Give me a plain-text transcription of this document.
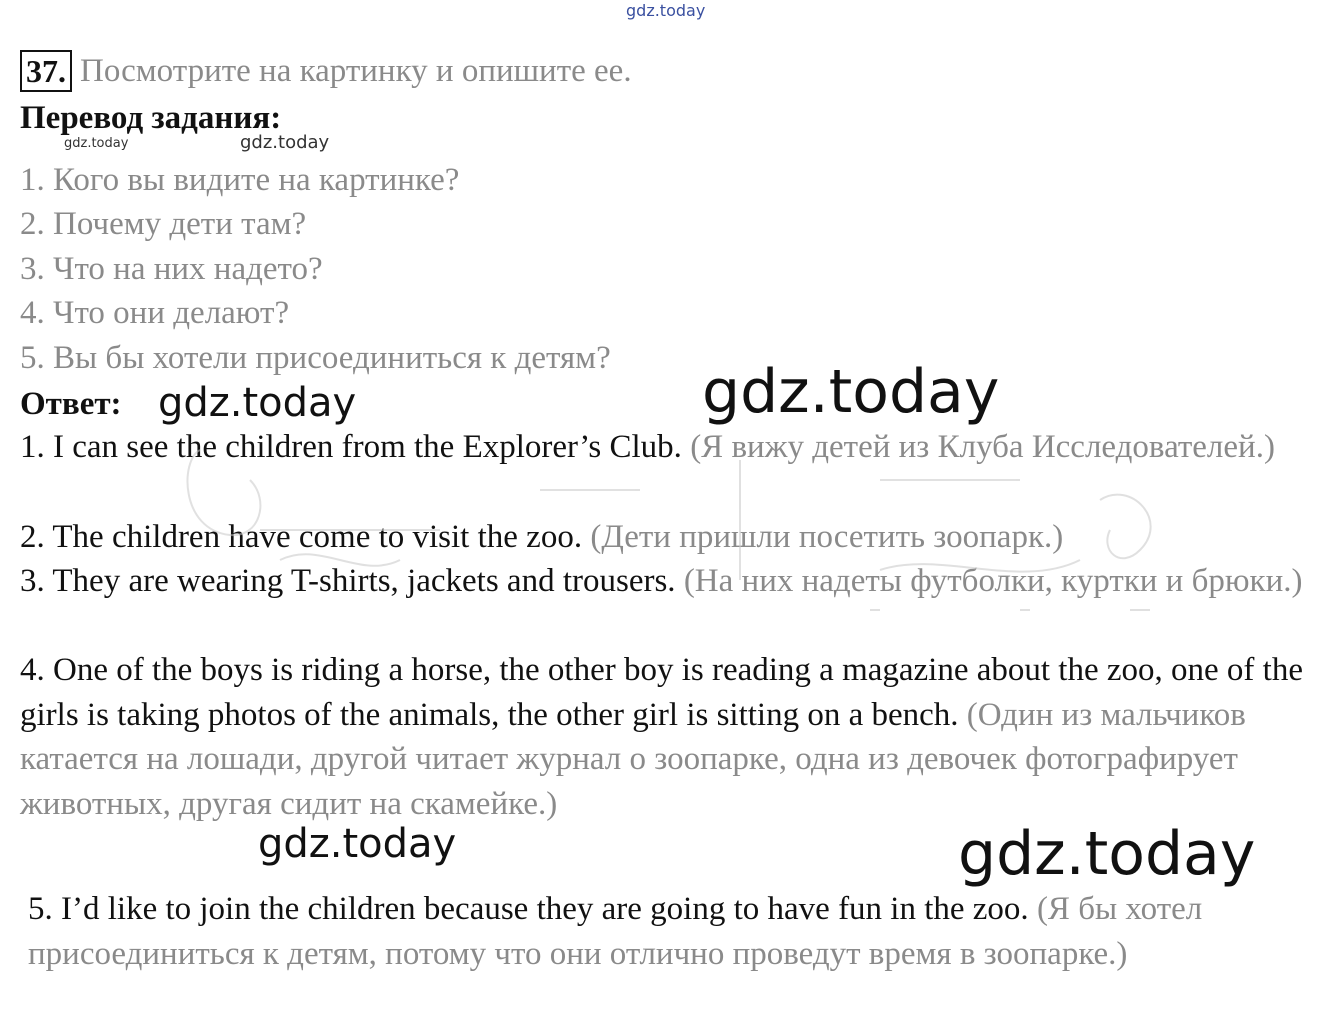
gdz.today
37. Посмотрите на картинку и опишите ее.
Перевод задания:
gdz.today	gdz.today
1. Кого вы видите на картинке?
2. Почему дети там?
3. Что на них надето?
4. Что они делают?
5. Вы бы хотели присоединиться к детям?
Ответ: gdz.today	gdz.today
1. I can see the children from the Explorer’s Club. (Я вижу детей из Клуба Исследователей.)
2. The children have come to visit the zoo. (Дети пришли посетить зоопарк.)
3. They are wearing T-shirts, jackets and trousers. (На них надеты футболки, куртки и брюки.)
4. One of the boys is riding a horse, the other boy is reading a magazine about the zoo, one of the girls is taking photos of the animals, the other girl is sitting on a bench. (Один из мальчиков катается на лошади, другой читает журнал о зоопарке, одна из девочек фотографирует животных, другая сидит на скамейке.)
gdz.today	gdz.today
5. I’d like to join the children because they are going to have fun in the zoo. (Я бы хотел присоединиться к детям, потому что они отлично проведут время в зоопарке.)
